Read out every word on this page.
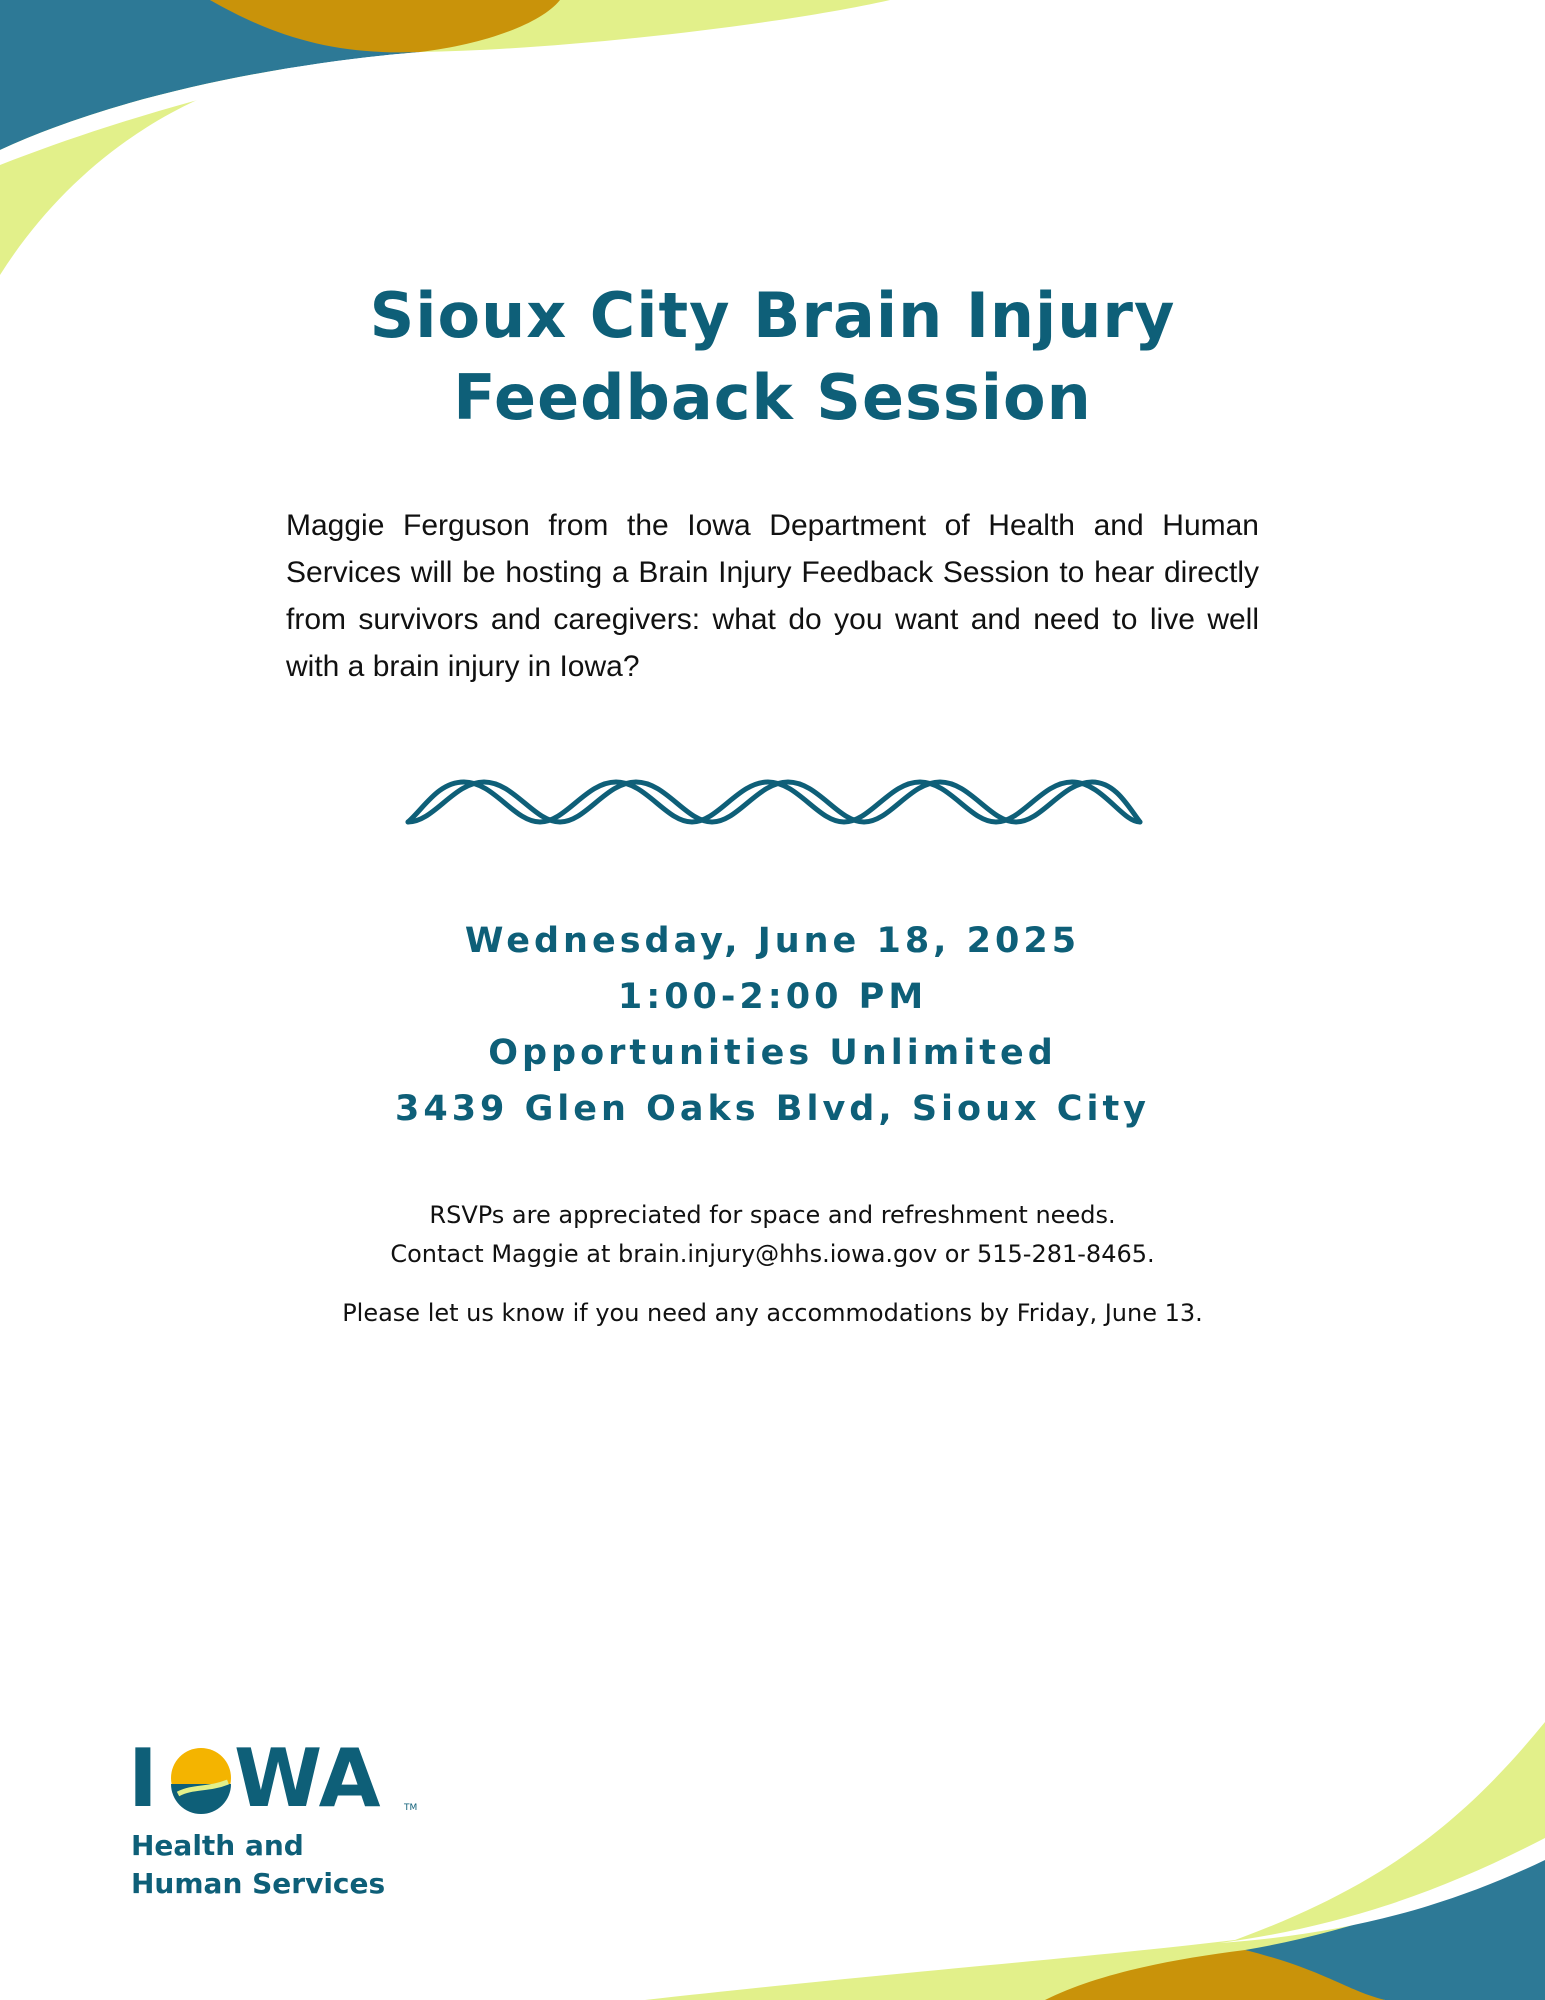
Sioux City Brain Injury
Feedback Session

Maggie Ferguson from the Iowa Department of Health and Human Services will be hosting a Brain Injury Feedback Session to hear directly from survivors and caregivers: what do you want and need to live well with a brain injury in Iowa?

Wednesday, June 18, 2025
1:00-2:00 PM
Opportunities Unlimited
3439 Glen Oaks Blvd, Sioux City
RSVPs are appreciated for space and refreshment needs.
Contact Maggie at brain.injury@hhs.iowa.gov or 515-281-8465.
Please let us know if you need any accommodations by Friday, June 13.
I WA	TM
Health and
Human Services
